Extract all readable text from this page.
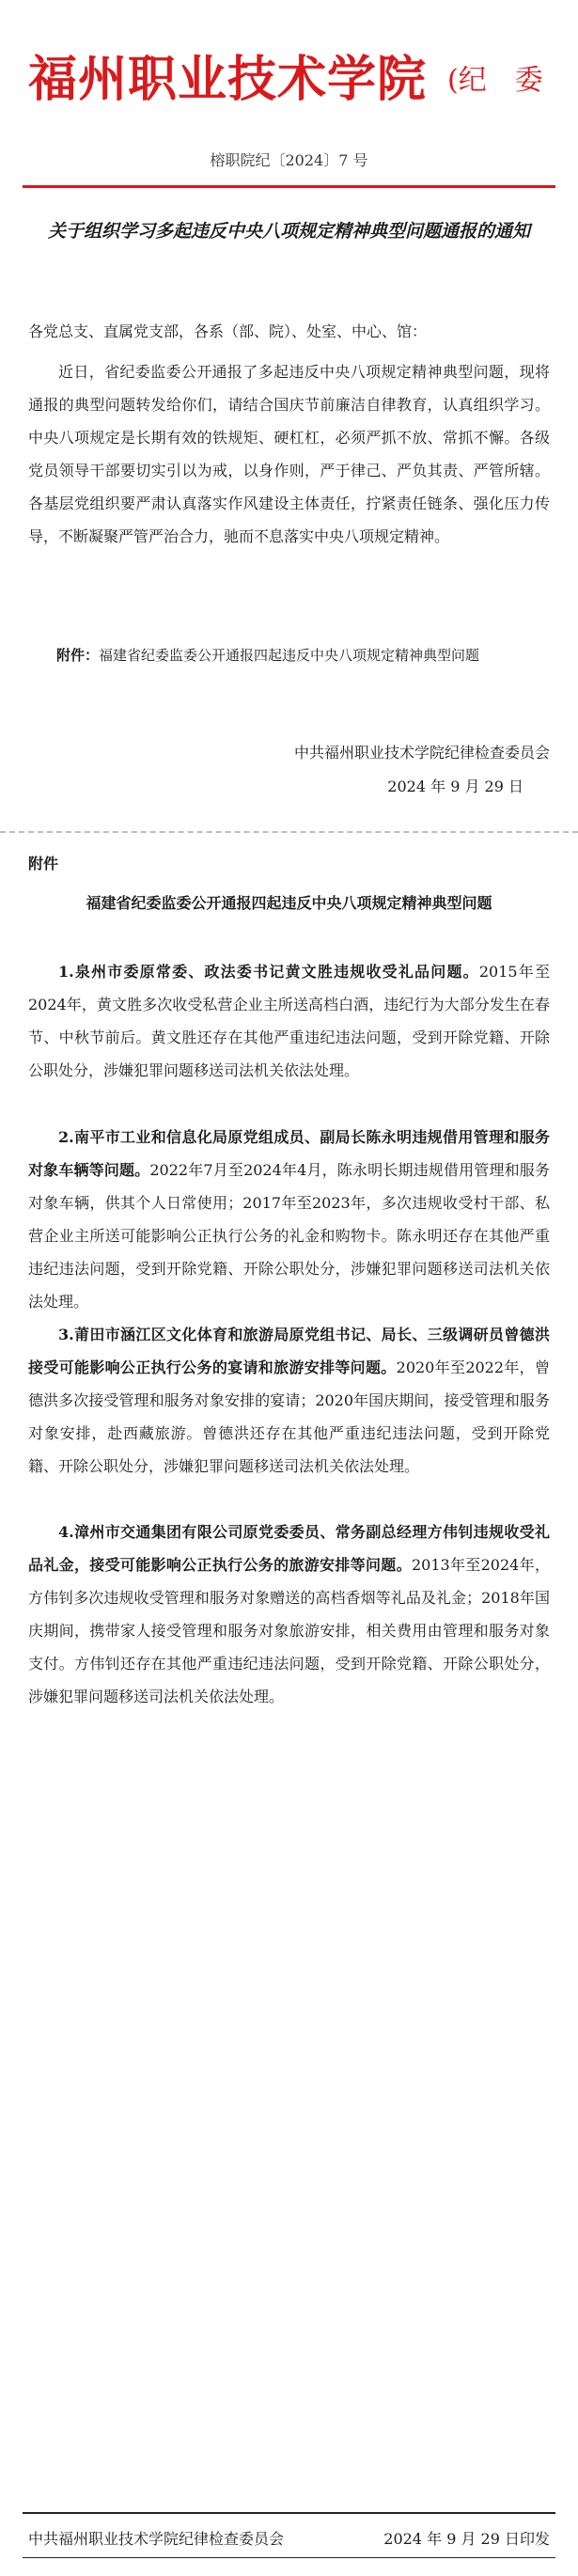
福州职业技术学院 (纪　委
榕职院纪〔2024〕7 号
关于组织学习多起违反中央八项规定精神典型问题通报的通知
各党总支、直属党支部，各系（部、院）、处室、中心、馆：
近日，省纪委监委公开通报了多起违反中央八项规定精神典型问题，现将通报的典型问题转发给你们，请结合国庆节前廉洁自律教育，认真组织学习。中央八项规定是长期有效的铁规矩、硬杠杠，必须严抓不放、常抓不懈。各级党员领导干部要切实引以为戒，以身作则，严于律己、严负其责、严管所辖。各基层党组织要严肃认真落实作风建设主体责任，拧紧责任链条、强化压力传导，不断凝聚严管严治合力，驰而不息落实中央八项规定精神。
附件：福建省纪委监委公开通报四起违反中央八项规定精神典型问题
中共福州职业技术学院纪律检查委员会
2024 年 9 月 29 日
附件
福建省纪委监委公开通报四起违反中央八项规定精神典型问题
1.泉州市委原常委、政法委书记黄文胜违规收受礼品问题。2015年至2024年，黄文胜多次收受私营企业主所送高档白酒，违纪行为大部分发生在春节、中秋节前后。黄文胜还存在其他严重违纪违法问题，受到开除党籍、开除公职处分，涉嫌犯罪问题移送司法机关依法处理。
2.南平市工业和信息化局原党组成员、副局长陈永明违规借用管理和服务对象车辆等问题。2022年7月至2024年4月，陈永明长期违规借用管理和服务对象车辆，供其个人日常使用；2017年至2023年，多次违规收受村干部、私营企业主所送可能影响公正执行公务的礼金和购物卡。陈永明还存在其他严重违纪违法问题，受到开除党籍、开除公职处分，涉嫌犯罪问题移送司法机关依法处理。
3.莆田市涵江区文化体育和旅游局原党组书记、局长、三级调研员曾德洪接受可能影响公正执行公务的宴请和旅游安排等问题。2020年至2022年，曾德洪多次接受管理和服务对象安排的宴请；2020年国庆期间，接受管理和服务对象安排，赴西藏旅游。曾德洪还存在其他严重违纪违法问题，受到开除党籍、开除公职处分，涉嫌犯罪问题移送司法机关依法处理。
4.漳州市交通集团有限公司原党委委员、常务副总经理方伟钊违规收受礼品礼金，接受可能影响公正执行公务的旅游安排等问题。2013年至2024年，方伟钊多次违规收受管理和服务对象赠送的高档香烟等礼品及礼金；2018年国庆期间，携带家人接受管理和服务对象旅游安排，相关费用由管理和服务对象支付。方伟钊还存在其他严重违纪违法问题，受到开除党籍、开除公职处分，涉嫌犯罪问题移送司法机关依法处理。
中共福州职业技术学院纪律检查委员会	2024 年 9 月 29 日印发
